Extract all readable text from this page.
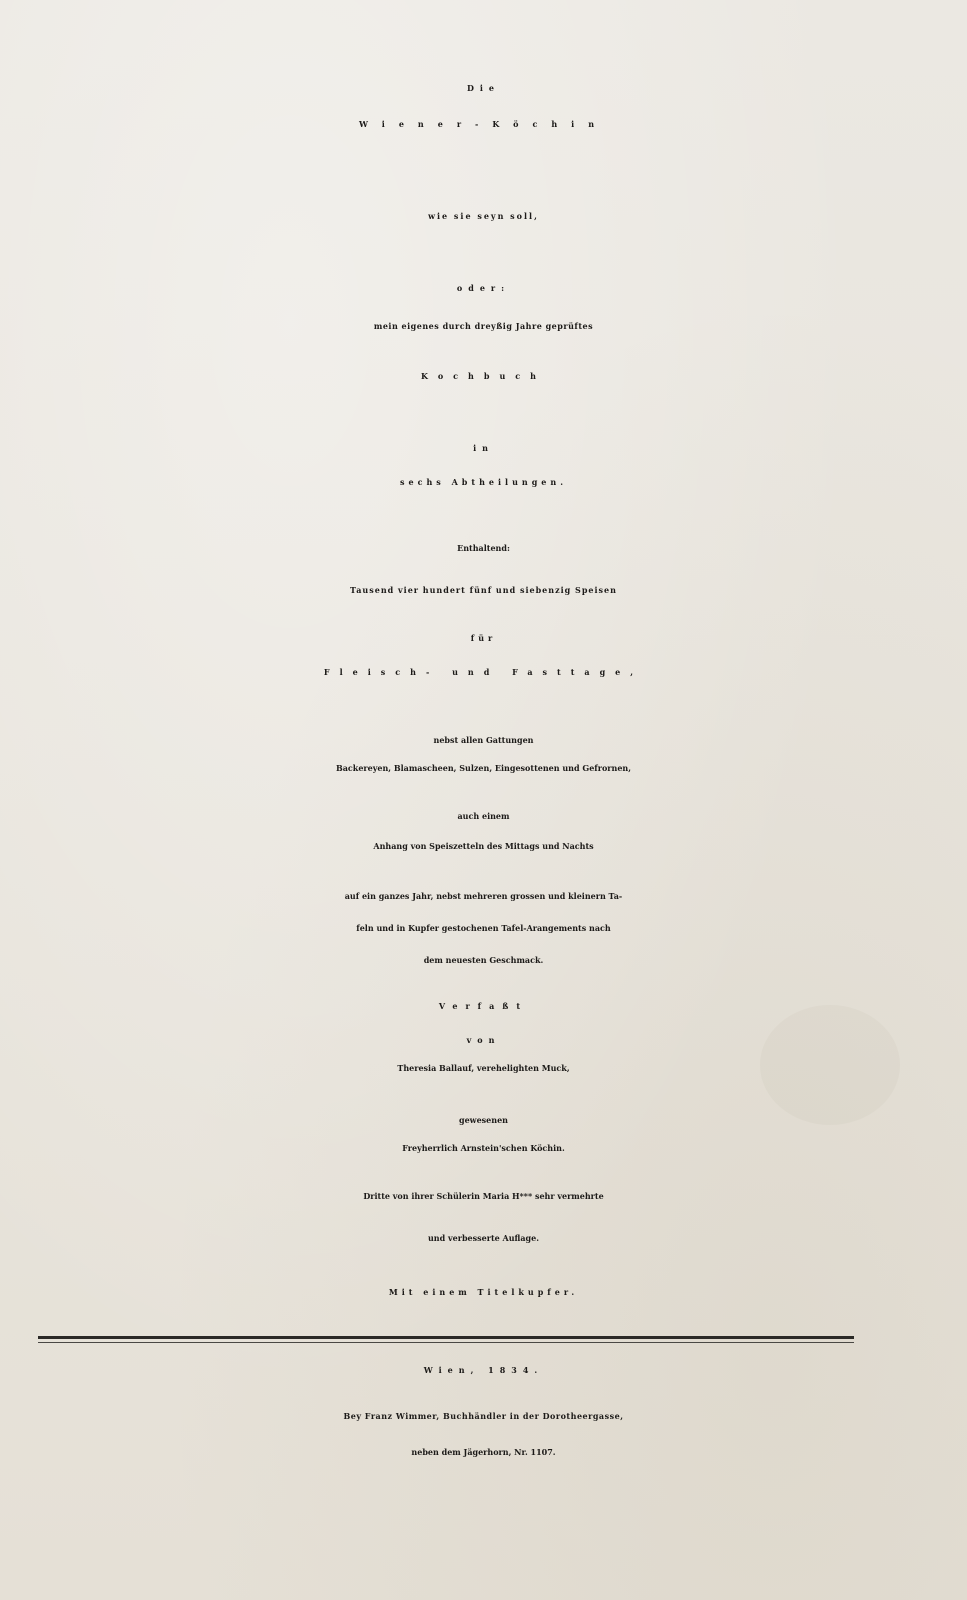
Die
Wiener-Köchin
wie sie seyn soll,
oder:
mein eigenes durch dreyßig Jahre geprüftes
Kochbuch
in
sechs Abtheilungen.
Enthaltend:
Tausend vier hundert fünf und siebenzig Speisen
für
Fleisch- und Fasttage,
nebst allen Gattungen
Backereyen, Blamascheen, Sulzen, Eingesottenen und Gefrornen,
auch einem
Anhang von Speiszetteln des Mittags und Nachts
auf ein ganzes Jahr, nebst mehreren grossen und kleinern Ta-
feln und in Kupfer gestochenen Tafel-Arangements nach
dem neuesten Geschmack.
Verfaßt
von
Theresia Ballauf, verehelighten Muck,
gewesenen
Freyherrlich Arnstein'schen Köchin.
Dritte von ihrer Schülerin Maria H*** sehr vermehrte
und verbesserte Auflage.
Mit einem Titelkupfer.
Wien, 1834.
Bey Franz Wimmer, Buchhändler in der Dorotheergasse,
neben dem Jägerhorn, Nr. 1107.
